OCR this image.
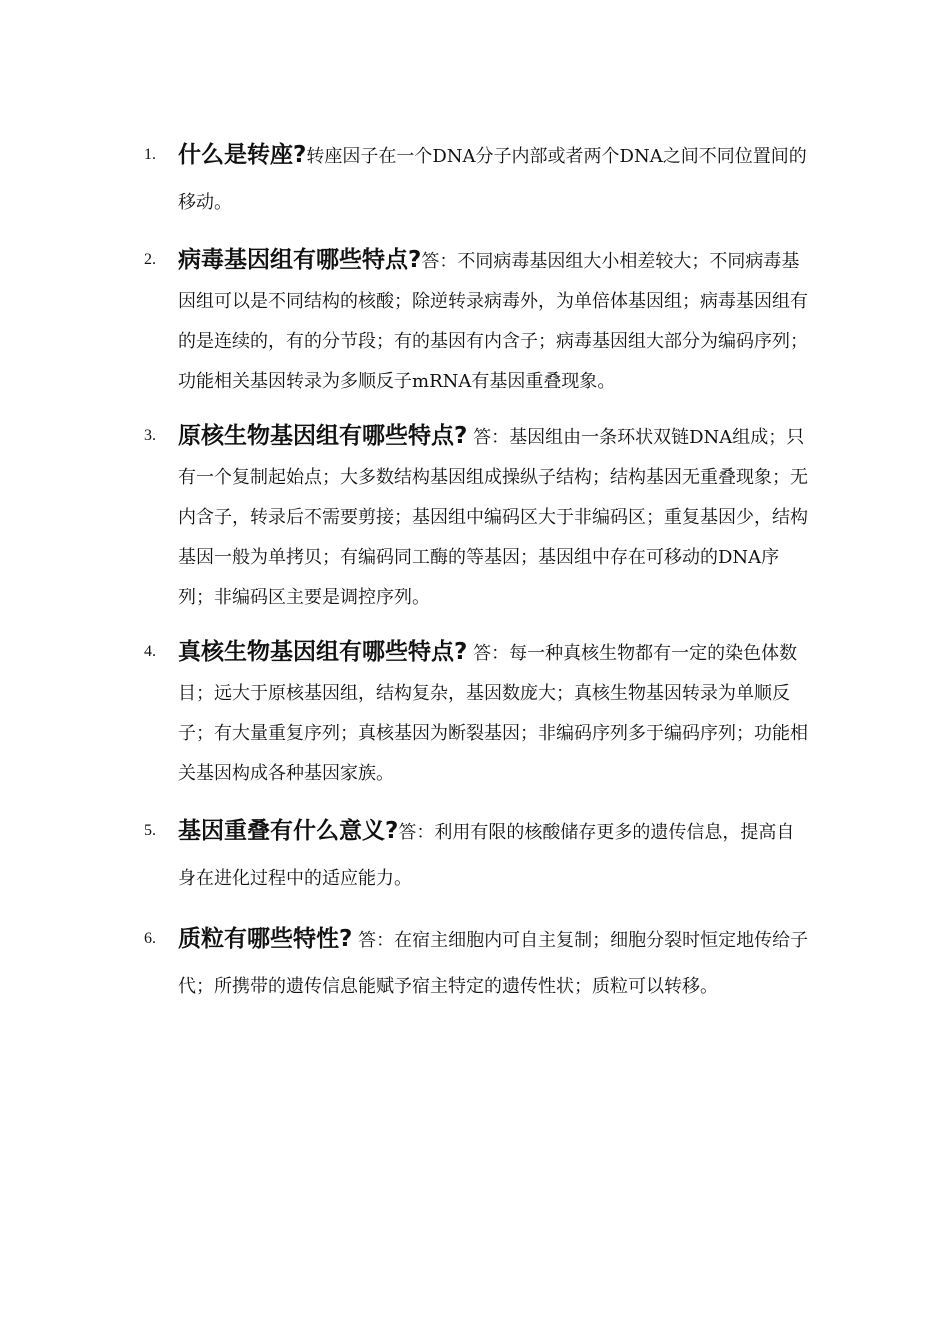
1. 什么是转座?转座因子在一个DNA分子内部或者两个DNA之间不同位置间的移动。
2. 病毒基因组有哪些特点?答：不同病毒基因组大小相差较大；不同病毒基因组可以是不同结构的核酸；除逆转录病毒外，为单倍体基因组；病毒基因组有的是连续的，有的分节段；有的基因有内含子；病毒基因组大部分为编码序列；功能相关基因转录为多顺反子mRNA有基因重叠现象。
3. 原核生物基因组有哪些特点? 答：基因组由一条环状双链DNA组成；只有一个复制起始点；大多数结构基因组成操纵子结构；结构基因无重叠现象；无内含子，转录后不需要剪接；基因组中编码区大于非编码区；重复基因少，结构基因一般为单拷贝；有编码同工酶的等基因；基因组中存在可移动的DNA序列；非编码区主要是调控序列。
4. 真核生物基因组有哪些特点? 答：每一种真核生物都有一定的染色体数目；远大于原核基因组，结构复杂，基因数庞大；真核生物基因转录为单顺反子；有大量重复序列；真核基因为断裂基因；非编码序列多于编码序列；功能相关基因构成各种基因家族。
5. 基因重叠有什么意义?答：利用有限的核酸储存更多的遗传信息，提高自身在进化过程中的适应能力。
6. 质粒有哪些特性? 答：在宿主细胞内可自主复制；细胞分裂时恒定地传给子代；所携带的遗传信息能赋予宿主特定的遗传性状；质粒可以转移。
